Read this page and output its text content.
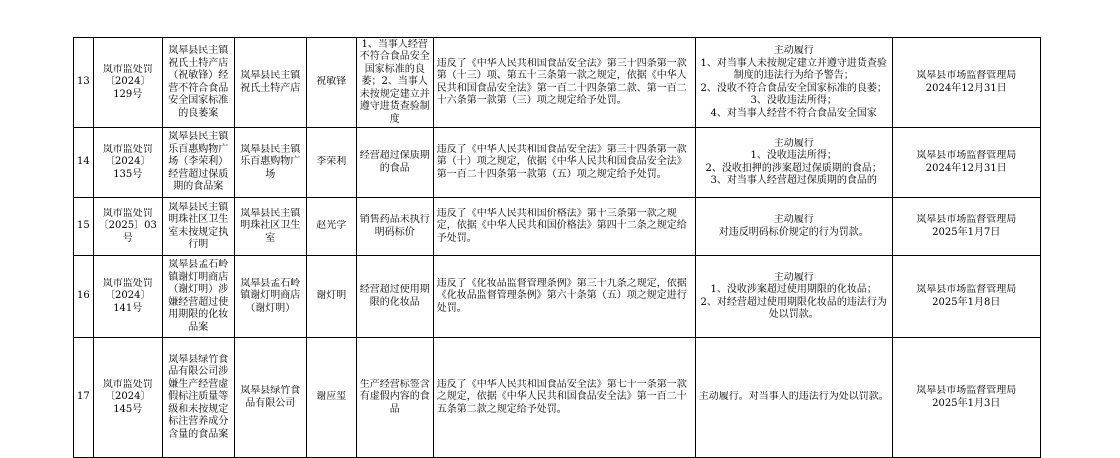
13	岚市监处罚〔2024〕129号	岚皋县民主镇祝氏土特产店（祝敏锋）经营不符合食品安全国家标准的良萎案	岚皋县民主镇祝氏土特产店	祝敏锋	1、当事人经营不符合食品安全国家标准的良萎；2、当事人未按规定建立并遵守进货查验制度	违反了《中华人民共和国食品安全法》第三十四条第一款第（十三）项、第五十三条第一款之规定，依据《中华人民共和国食品安全法》第一百二十四条第二款、第一百二十六条第一款第（三）项之规定给予处罚。	主动履行
1、对当事人未按规定建立并遵守进货查验制度的违法行为给予警告；
2、没收不符合食品安全国家标准的良萎；
3、没收违法所得；
4、对当事人经营不符合食品安全国家	岚皋县市场监督管理局
2024年12月31日

14	岚市监处罚〔2024〕135号	岚皋县民主镇乐百惠购物广场（李荣利）经营超过保质期的食品案	岚皋县民主镇乐百惠购物广场	李荣利	经营超过保质期的食品	违反了《中华人民共和国食品安全法》第三十四条第一款第（十）项之规定，依据《中华人民共和国食品安全法》第一百二十四条第一款第（五）项之规定给予处罚。	主动履行
1、没收违法所得；
2、没收扣押的涉案超过保质期的食品；
3、对当事人经营超过保质期的食品的	岚皋县市场监督管理局
2024年12月31日

15	岚市监处罚〔2025〕03号	岚皋县民主镇明珠社区卫生室未按规定执行明	岚皋县民主镇明珠社区卫生室	赵光学	销售药品未执行明码标价	违反了《中华人民共和国价格法》第十三条第一款之规定，依据《中华人民共和国价格法》第四十二条之规定给予处罚。	主动履行
对违反明码标价规定的行为罚款。	岚皋县市场监督管理局
2025年1月7日

16	岚市监处罚〔2024〕141号	岚皋县孟石岭镇谢灯明商店（谢灯明）涉嫌经营超过使用期限的化妆品案	岚皋县孟石岭镇谢灯明商店（谢灯明）	谢灯明	经营超过使用期限的化妆品	违反了《化妆品监督管理条例》第三十九条之规定，依据《化妆品监督管理条例》第六十条第（五）项之规定进行处罚。	主动履行
1、没收涉案超过使用期限的化妆品；
2、对经营超过使用期限化妆品的违法行为处以罚款。	岚皋县市场监督管理局
2025年1月8日

17	岚市监处罚〔2024〕145号	岚皋县绿竹食品有限公司涉嫌生产经营虚假标注质量等级和未按规定标注营养成分含量的食品案	岚皋县绿竹食品有限公司	谢应玺	生产经营标签含有虚假内容的食品	违反了《中华人民共和国食品安全法》第七十一条第一款之规定，依据《中华人民共和国食品安全法》第一百二十五条第二款之规定给予处罚。	主动履行。对当事人的违法行为处以罚款。	岚皋县市场监督管理局
2025年1月3日
